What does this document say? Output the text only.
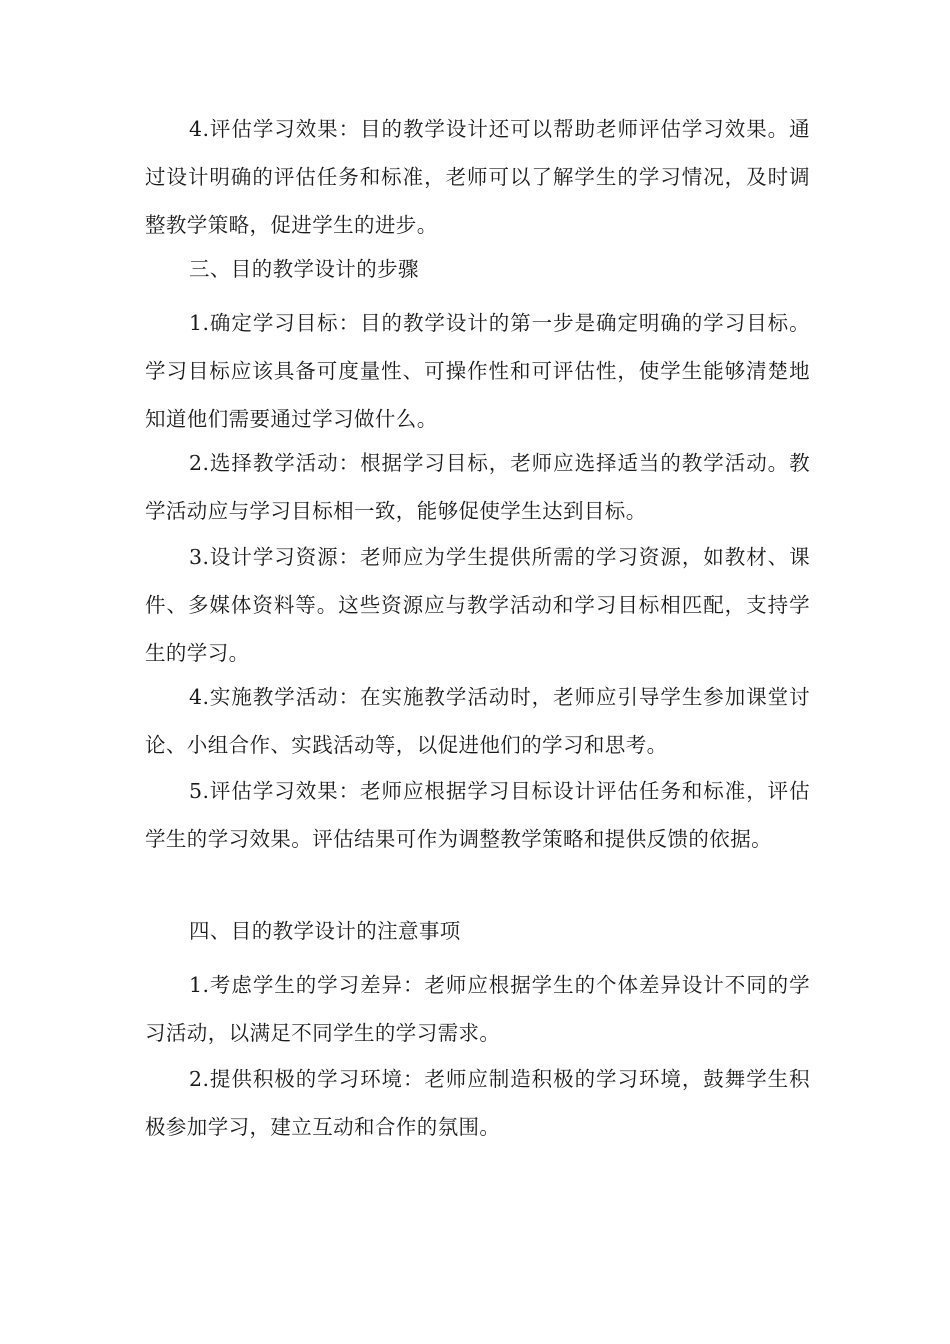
4.评估学习效果：目的教学设计还可以帮助老师评估学习效果。通过设计明确的评估任务和标准，老师可以了解学生的学习情况，及时调整教学策略，促进学生的进步。

三、目的教学设计的步骤

1.确定学习目标：目的教学设计的第一步是确定明确的学习目标。学习目标应该具备可度量性、可操作性和可评估性，使学生能够清楚地知道他们需要通过学习做什么。

2.选择教学活动：根据学习目标，老师应选择适当的教学活动。教学活动应与学习目标相一致，能够促使学生达到目标。

3.设计学习资源：老师应为学生提供所需的学习资源，如教材、课件、多媒体资料等。这些资源应与教学活动和学习目标相匹配，支持学生的学习。

4.实施教学活动：在实施教学活动时，老师应引导学生参加课堂讨论、小组合作、实践活动等，以促进他们的学习和思考。

5.评估学习效果：老师应根据学习目标设计评估任务和标准，评估学生的学习效果。评估结果可作为调整教学策略和提供反馈的依据。

四、目的教学设计的注意事项

1.考虑学生的学习差异：老师应根据学生的个体差异设计不同的学习活动，以满足不同学生的学习需求。

2.提供积极的学习环境：老师应制造积极的学习环境，鼓舞学生积极参加学习，建立互动和合作的氛围。
